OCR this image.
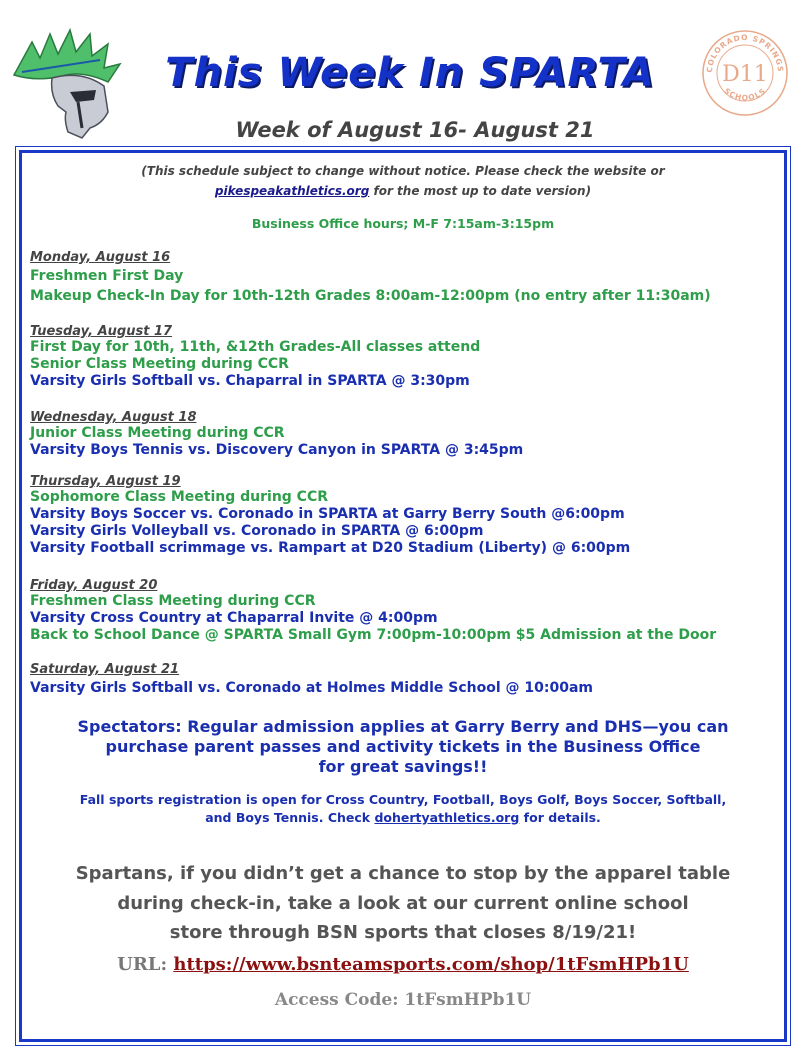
COLORADO SPRINGS
SCHOOLS
D11
This Week In SPARTA
Week of August 16- August 21
(This schedule subject to change without notice. Please check the website or
pikespeakathletics.org for the most up to date version)
Business Office hours; M-F 7:15am-3:15pm
Monday, August 16
Freshmen First Day
Makeup Check-In Day for 10th-12th Grades 8:00am-12:00pm (no entry after 11:30am)
Tuesday, August 17
First Day for 10th, 11th, &12th Grades-All classes attend
Senior Class Meeting during CCR
Varsity Girls Softball vs. Chaparral in SPARTA @ 3:30pm
Wednesday, August 18
Junior Class Meeting during CCR
Varsity Boys Tennis vs. Discovery Canyon in SPARTA @ 3:45pm
Thursday, August 19
Sophomore Class Meeting during CCR
Varsity Boys Soccer vs. Coronado in SPARTA at Garry Berry South @6:00pm
Varsity Girls Volleyball vs. Coronado in SPARTA @ 6:00pm
Varsity Football scrimmage vs. Rampart at D20 Stadium (Liberty) @ 6:00pm
Friday, August 20
Freshmen Class Meeting during CCR
Varsity Cross Country at Chaparral Invite @ 4:00pm
Back to School Dance @ SPARTA Small Gym 7:00pm-10:00pm $5 Admission at the Door
Saturday, August 21
Varsity Girls Softball vs. Coronado at Holmes Middle School @ 10:00am
Spectators: Regular admission applies at Garry Berry and DHS—you can
purchase parent passes and activity tickets in the Business Office
for great savings!!
Fall sports registration is open for Cross Country, Football, Boys Golf, Boys Soccer, Softball,
and Boys Tennis. Check dohertyathletics.org for details.
Spartans, if you didn’t get a chance to stop by the apparel table
during check-in, take a look at our current online school
store through BSN sports that closes 8/19/21!
URL: https://www.bsnteamsports.com/shop/1tFsmHPb1U
Access Code: 1tFsmHPb1U
